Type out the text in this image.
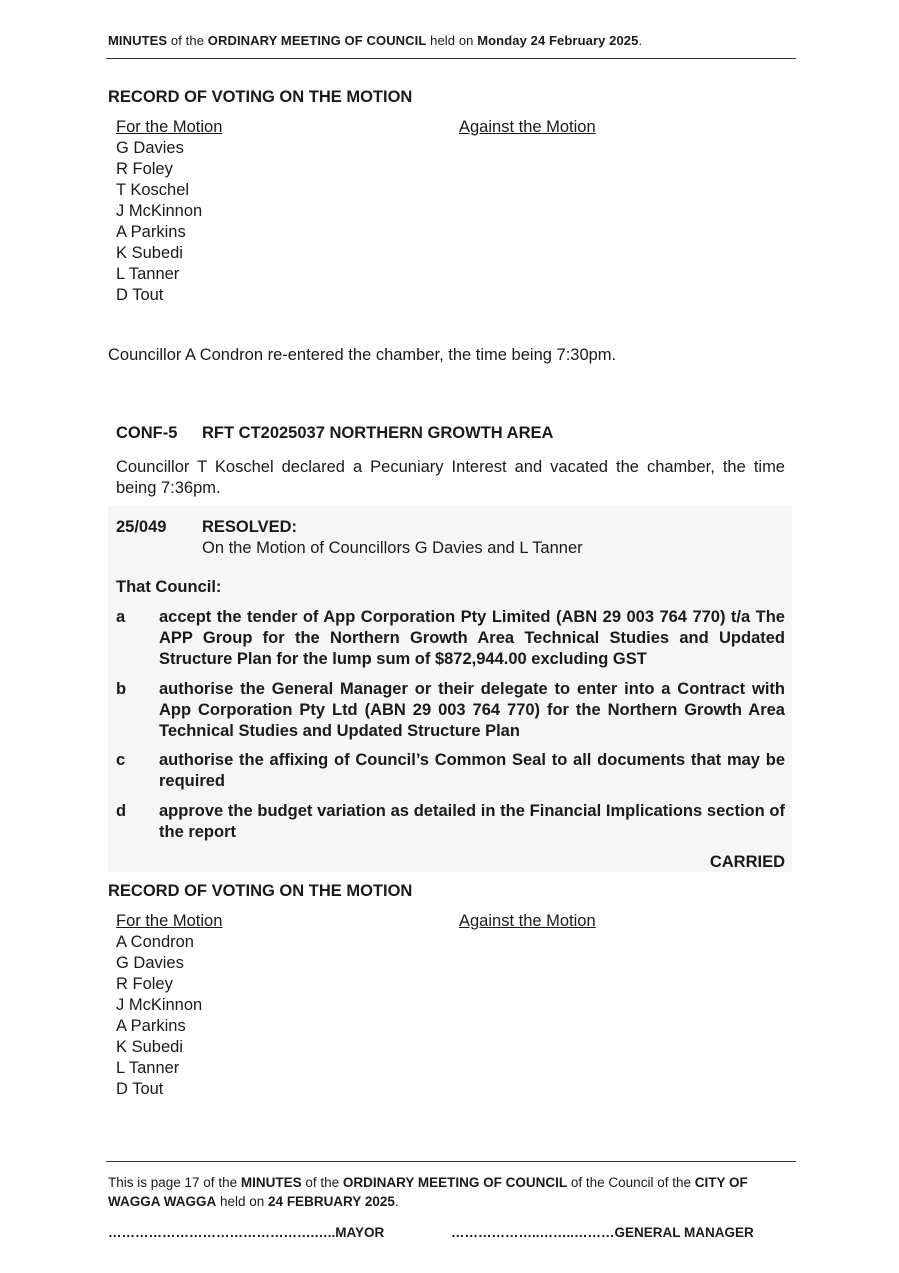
MINUTES of the ORDINARY MEETING OF COUNCIL held on Monday 24 February 2025.
RECORD OF VOTING ON THE MOTION
For the Motion	Against the Motion
G Davies
R Foley
T Koschel
J McKinnon
A Parkins
K Subedi
L Tanner
D Tout
Councillor A Condron re-entered the chamber, the time being 7:30pm.
CONF-5 RFT CT2025037 NORTHERN GROWTH AREA
Councillor T Koschel declared a Pecuniary Interest and vacated the chamber, the time being 7:36pm.
25/049 RESOLVED:
On the Motion of Councillors G Davies and L Tanner
That Council:
a accept the tender of App Corporation Pty Limited (ABN 29 003 764 770) t/a The APP Group for the Northern Growth Area Technical Studies and Updated Structure Plan for the lump sum of $872,944.00 excluding GST
b authorise the General Manager or their delegate to enter into a Contract with App Corporation Pty Ltd (ABN 29 003 764 770) for the Northern Growth Area Technical Studies and Updated Structure Plan
c authorise the affixing of Council’s Common Seal to all documents that may be required
d approve the budget variation as detailed in the Financial Implications section of the report
CARRIED
RECORD OF VOTING ON THE MOTION
For the Motion	Against the Motion
A Condron
G Davies
R Foley
J McKinnon
A Parkins
K Subedi
L Tanner
D Tout
This is page 17 of the MINUTES of the ORDINARY MEETING OF COUNCIL of the Council of the CITY OF WAGGA WAGGA held on 24 FEBRUARY 2025.
……………………………………….…..MAYOR	………………..……..………GENERAL MANAGER
